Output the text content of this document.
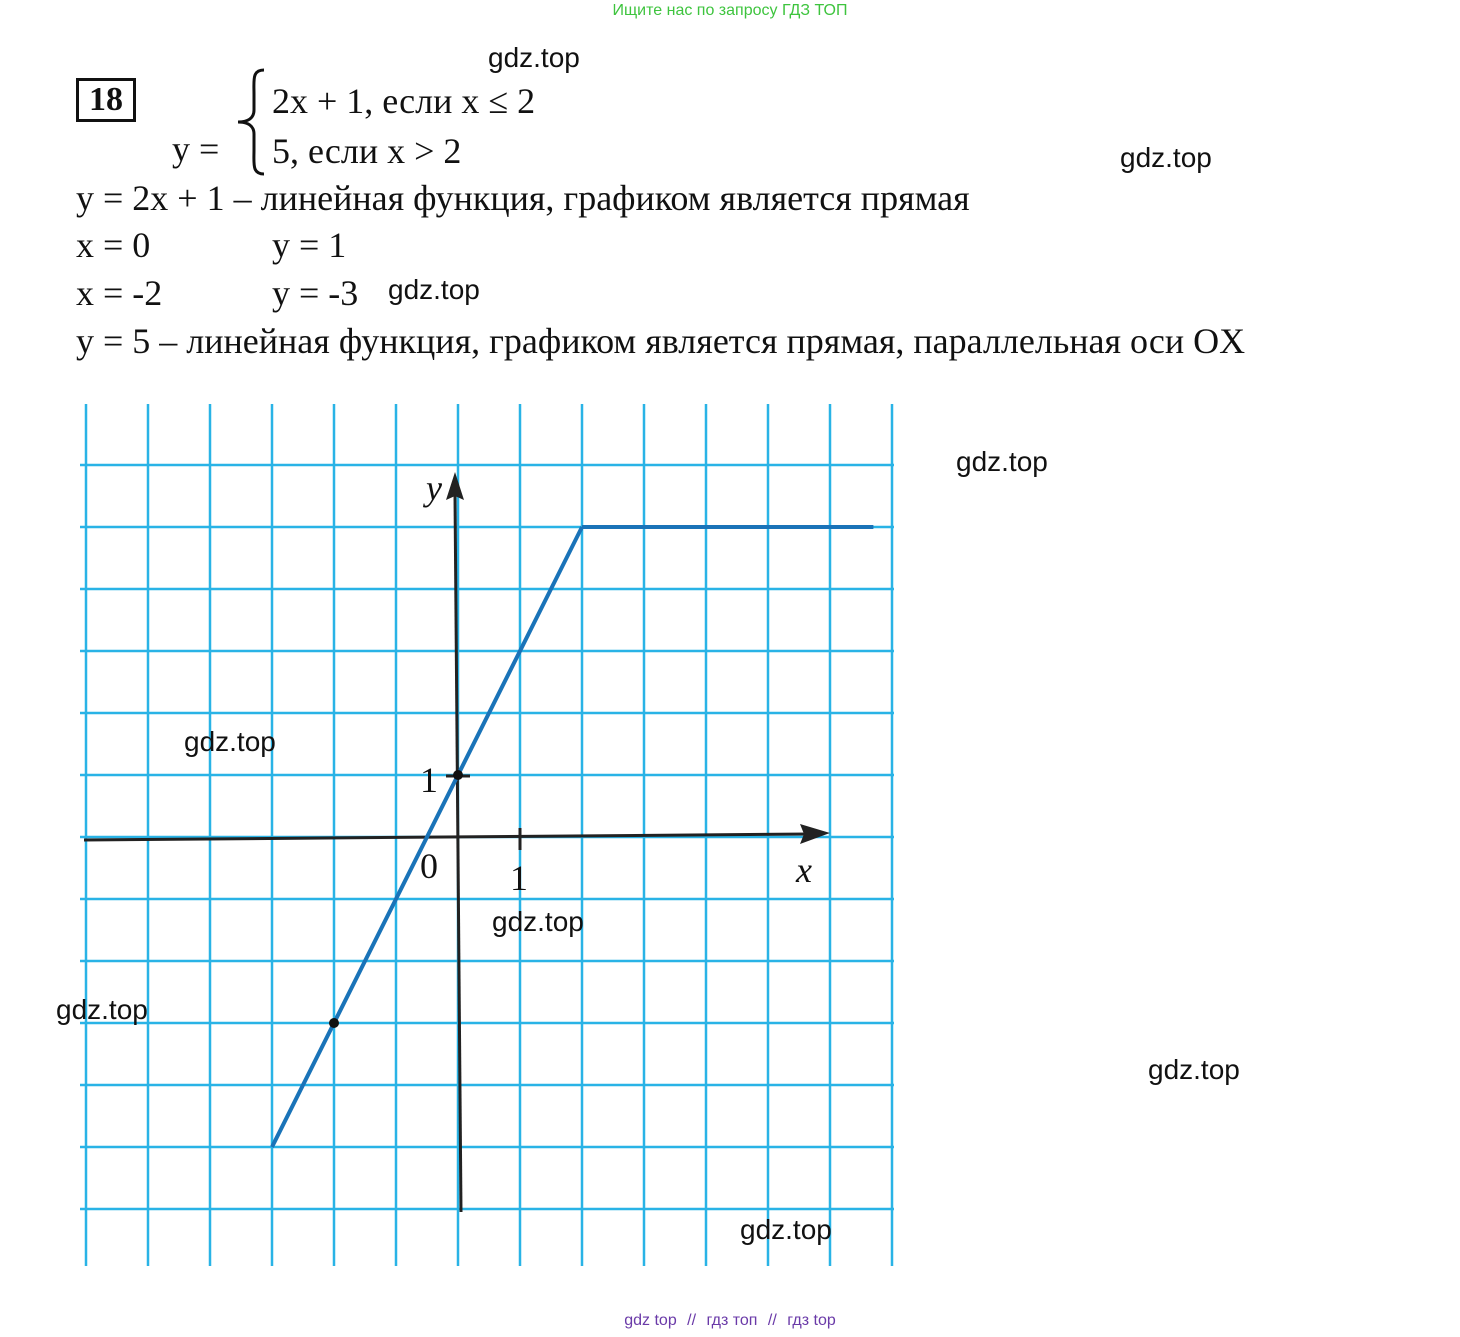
Ищите нас по запросу ГДЗ ТОП
18
y =
2x + 1, если x ≤ 2
5, если x > 2
y = 2x + 1 – линейная функция, графиком является прямая
x = 0	y = 1
x = -2	y = -3
y = 5 – линейная функция, графиком является прямая, параллельная оси OX
y
x
0 1
1
gdz.top
gdz.top
gdz.top
gdz.top
gdz.top
gdz.top
gdz.top
gdz.top
gdz.top
gdz top // гдз топ // гдз top
